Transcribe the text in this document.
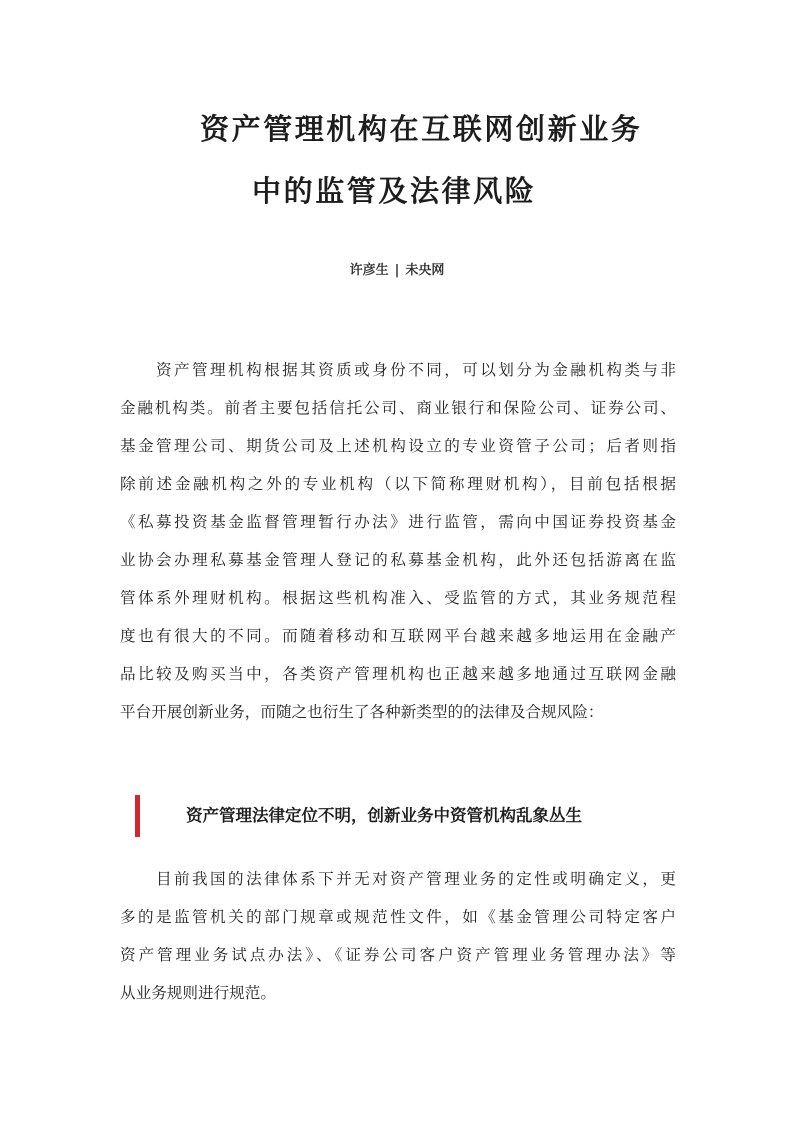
资产管理机构在互联网创新业务
中的监管及法律风险
许彦生 | 未央网
资产管理机构根据其资质或身份不同，可以划分为金融机构类与非
金融机构类。前者主要包括信托公司、商业银行和保险公司、证券公司、
基金管理公司、期货公司及上述机构设立的专业资管子公司；后者则指
除前述金融机构之外的专业机构（以下简称理财机构），目前包括根据
《私募投资基金监督管理暂行办法》进行监管，需向中国证券投资基金
业协会办理私募基金管理人登记的私募基金机构，此外还包括游离在监
管体系外理财机构。根据这些机构准入、受监管的方式，其业务规范程
度也有很大的不同。而随着移动和互联网平台越来越多地运用在金融产
品比较及购买当中，各类资产管理机构也正越来越多地通过互联网金融
平台开展创新业务，而随之也衍生了各种新类型的的法律及合规风险：
资产管理法律定位不明，创新业务中资管机构乱象丛生
目前我国的法律体系下并无对资产管理业务的定性或明确定义，更
多的是监管机关的部门规章或规范性文件，如《基金管理公司特定客户
资产管理业务试点办法》、《证券公司客户资产管理业务管理办法》等
从业务规则进行规范。
